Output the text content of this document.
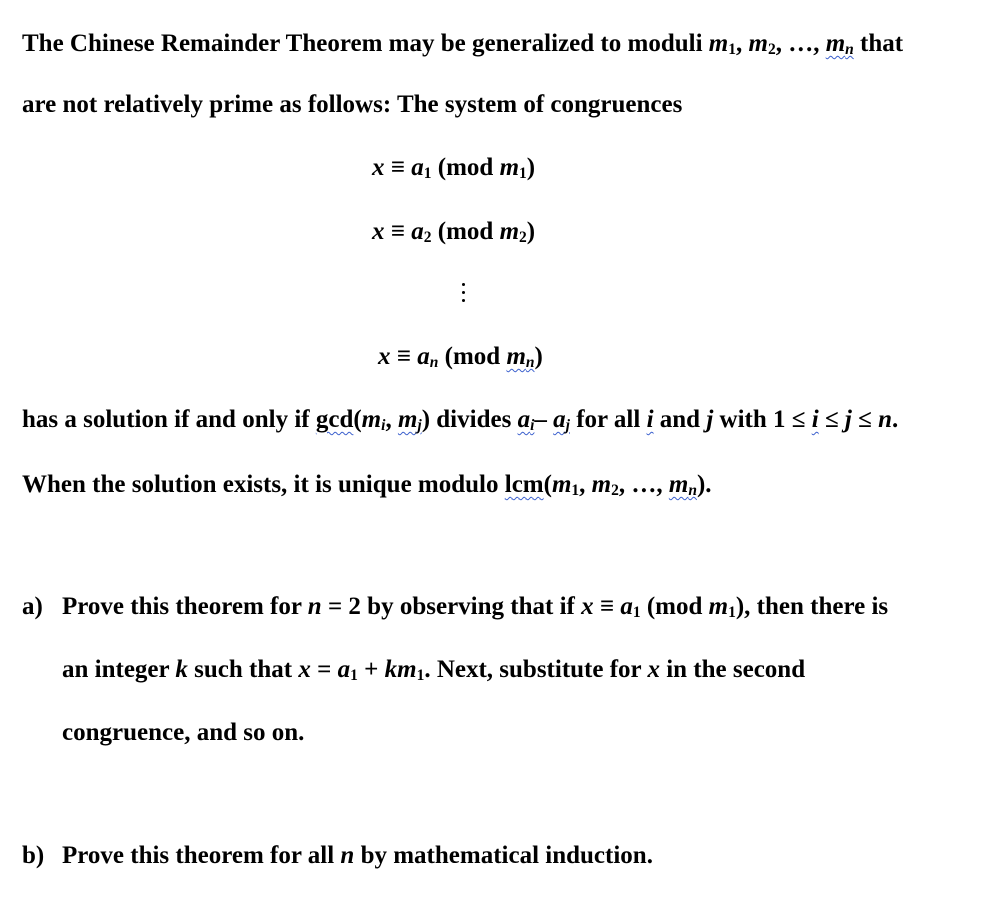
The Chinese Remainder Theorem may be generalized to moduli $m_1$, $m_2$, …, $m_n$ that
are not relatively prime as follows: The system of congruences
$x \equiv a_1$ (mod $m_1$)
$x \equiv a_2$ (mod $m_2$)
$x \equiv a_n$ (mod $m_n$)
has a solution if and only if $\gcd(m_i$, $m_j$) divides $a_i-$ $a_j$ for all i and j with 1 ≤ i ≤ j ≤ n.
When the solution exists, it is unique modulo $lcm(m_1$, $m_2$, …, $m_n$).
a) Prove this theorem for n = 2 by observing that if $x \equiv a_1$ (mod $m_1$), then there is
an integer k such that $x = a_1 + km_1$. Next, substitute for x in the second
congruence, and so on.
b) Prove this theorem for all n by mathematical induction.
